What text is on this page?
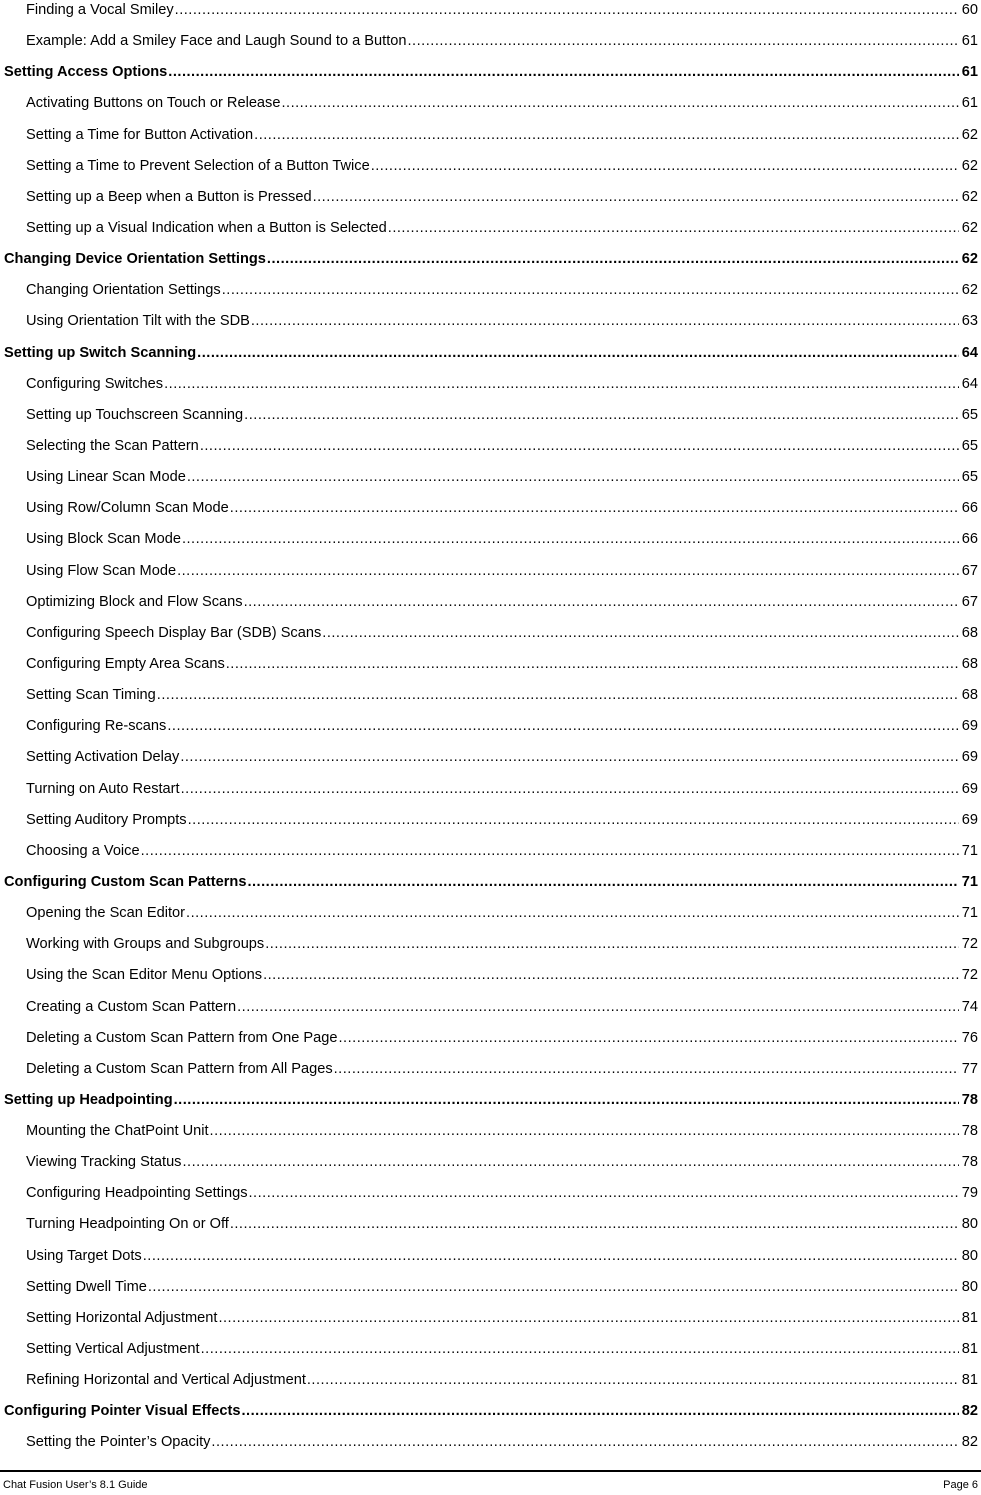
Finding a Vocal Smiley .....	60
Example: Add a Smiley Face and Laugh Sound to a Button .....	61
Setting Access Options .....	61
Activating Buttons on Touch or Release .....	61
Setting a Time for Button Activation .....	62
Setting a Time to Prevent Selection of a Button Twice .....	62
Setting up a Beep when a Button is Pressed .....	62
Setting up a Visual Indication when a Button is Selected .....	62
Changing Device Orientation Settings .....	62
Changing Orientation Settings .....	62
Using Orientation Tilt with the SDB .....	63
Setting up Switch Scanning .....	64
Configuring Switches .....	64
Setting up Touchscreen Scanning .....	65
Selecting the Scan Pattern .....	65
Using Linear Scan Mode .....	65
Using Row/Column Scan Mode .....	66
Using Block Scan Mode .....	66
Using Flow Scan Mode .....	67
Optimizing Block and Flow Scans .....	67
Configuring Speech Display Bar (SDB) Scans .....	68
Configuring Empty Area Scans .....	68
Setting Scan Timing .....	68
Configuring Re-scans .....	69
Setting Activation Delay .....	69
Turning on Auto Restart .....	69
Setting Auditory Prompts .....	69
Choosing a Voice .....	71
Configuring Custom Scan Patterns .....	71
Opening the Scan Editor .....	71
Working with Groups and Subgroups .....	72
Using the Scan Editor Menu Options .....	72
Creating a Custom Scan Pattern .....	74
Deleting a Custom Scan Pattern from One Page .....	76
Deleting a Custom Scan Pattern from All Pages .....	77
Setting up Headpointing .....	78
Mounting the ChatPoint Unit .....	78
Viewing Tracking Status .....	78
Configuring Headpointing Settings .....	79
Turning Headpointing On or Off .....	80
Using Target Dots .....	80
Setting Dwell Time .....	80
Setting Horizontal Adjustment .....	81
Setting Vertical Adjustment .....	81
Refining Horizontal and Vertical Adjustment .....	81
Configuring Pointer Visual Effects .....	82
Setting the Pointer’s Opacity .....	82
Chat Fusion User’s 8.1 Guide	Page 6
